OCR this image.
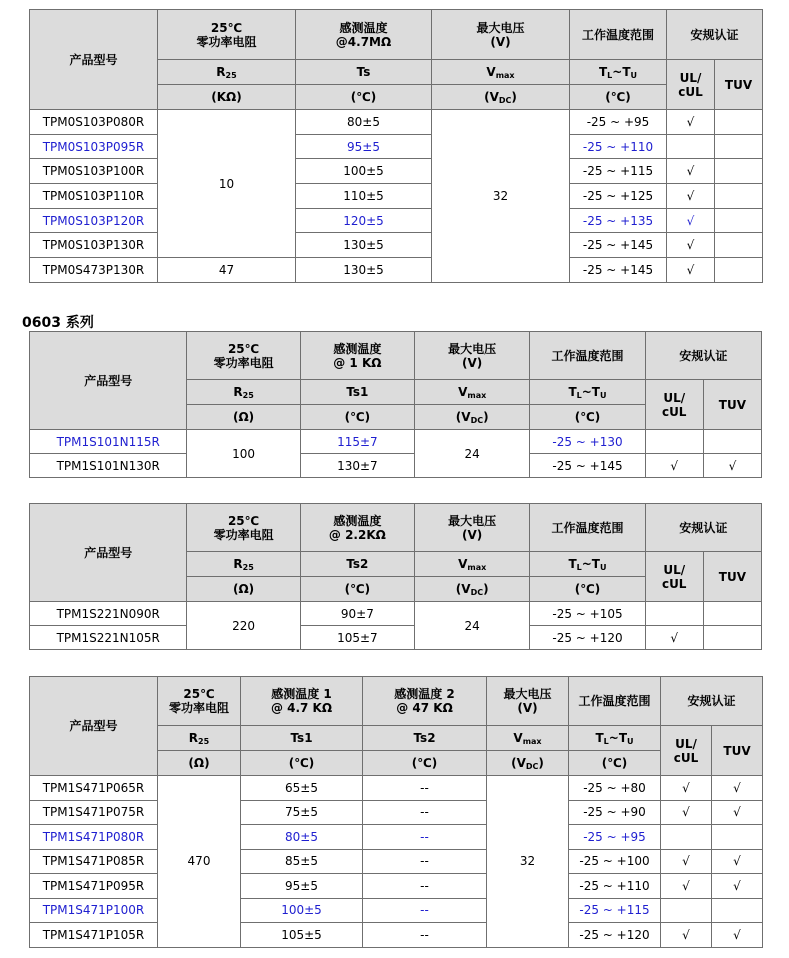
产品型号	25℃
零功率电阻	感测温度
@4.7MΩ	最大电压
(V)	工作温度范围	安规认证	
	$R_{25}$	Ts	$V_{max}$	$T_L\sim T_U$	UL/
cUL	TUV
	(KΩ)	(℃)	$(V_{DC})$	(℃)		
TPM0S103P080R	10	80±5	32	-25 ~ +95	√	
TPM0S103P095R		95±5		-25 ~ +110		
TPM0S103P100R		100±5		-25 ~ +115	√	
TPM0S103P110R		110±5		-25 ~ +125	√	
TPM0S103P120R		120±5		-25 ~ +135	√	
TPM0S103P130R		130±5		-25 ~ +145	√	
TPM0S473P130R	47	130±5		-25 ~ +145	√	
0603 系列
产品型号	25℃
零功率电阻	感测温度
@ 1 KΩ	最大电压
(V)	工作温度范围	安规认证	
	$R_{25}$	Ts1	$V_{max}$	$T_L\sim T_U$	UL/
cUL	TUV
	(Ω)	(℃)	$(V_{DC})$	(℃)		
TPM1S101N115R	100	115±7	24	-25 ~ +130		
TPM1S101N130R		130±7		-25 ~ +145	√	√
产品型号	25℃
零功率电阻	感测温度
@ 2.2KΩ	最大电压
(V)	工作温度范围	安规认证	
	$R_{25}$	Ts2	$V_{max}$	$T_L\sim T_U$	UL/
cUL	TUV
	(Ω)	(℃)	$(V_{DC})$	(℃)		
TPM1S221N090R	220	90±7	24	-25 ~ +105		
TPM1S221N105R		105±7		-25 ~ +120	√	
产品型号	25℃
零功率电阻	感测温度 1
@ 4.7 KΩ	感测温度 2
@ 47 KΩ	最大电压
(V)	工作温度范围	安规认证	
	$R_{25}$	Ts1	Ts2	$V_{max}$	$T_L\sim T_U$	UL/
cUL	TUV
	(Ω)	(℃)	(℃)	$(V_{DC})$	(℃)		
TPM1S471P065R	470	65±5	--	32	-25 ~ +80	√	√
TPM1S471P075R		75±5	--		-25 ~ +90	√	√
TPM1S471P080R		80±5	--		-25 ~ +95		
TPM1S471P085R		85±5	--		-25 ~ +100	√	√
TPM1S471P095R		95±5	--		-25 ~ +110	√	√
TPM1S471P100R		100±5	--		-25 ~ +115		
TPM1S471P105R		105±5	--		-25 ~ +120	√	√
